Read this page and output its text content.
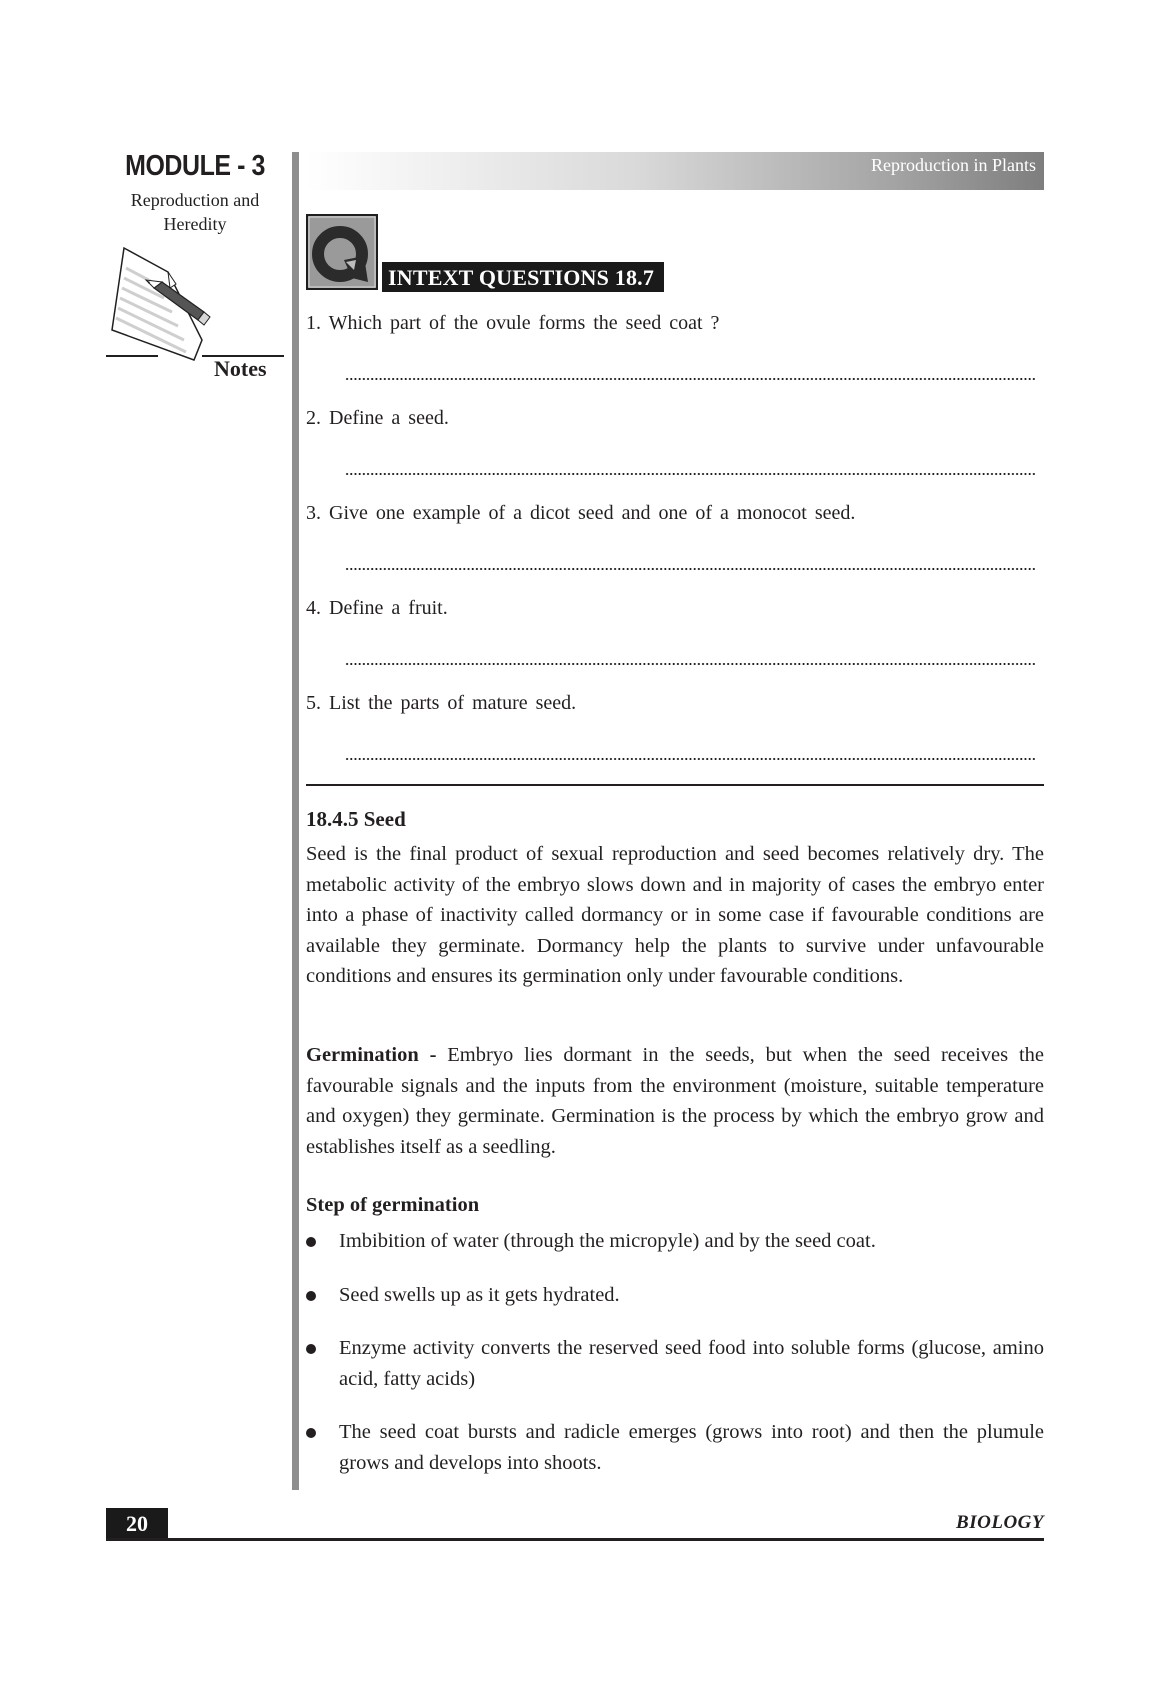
MODULE - 3
Reproduction and
Heredity
Notes
Reproduction in Plants
INTEXT QUESTIONS 18.7
1. Which part of the ovule forms the seed coat ?
2. Define a seed.
3. Give one example of a dicot seed and one of a monocot seed.
4. Define a fruit.
5. List the parts of mature seed.
18.4.5 Seed
Seed is the final product of sexual reproduction and seed becomes relatively dry. The metabolic activity of the embryo slows down and in majority of cases the embryo enter into a phase of inactivity called dormancy or in some case if favourable conditions are available they germinate. Dormancy help the plants to survive under unfavourable conditions and ensures its germination only under favourable conditions.
Germination - Embryo lies dormant in the seeds, but when the seed receives the favourable signals and the inputs from the environment (moisture, suitable temperature and oxygen) they germinate. Germination is the process by which the embryo grow and establishes itself as a seedling.
Step of germination
Imbibition of water (through the micropyle) and by the seed coat.
Seed swells up as it gets hydrated.
Enzyme activity converts the reserved seed food into soluble forms (glucose, amino acid, fatty acids)
The seed coat bursts and radicle emerges (grows into root) and then the plumule grows and develops into shoots.
20	BIOLOGY
